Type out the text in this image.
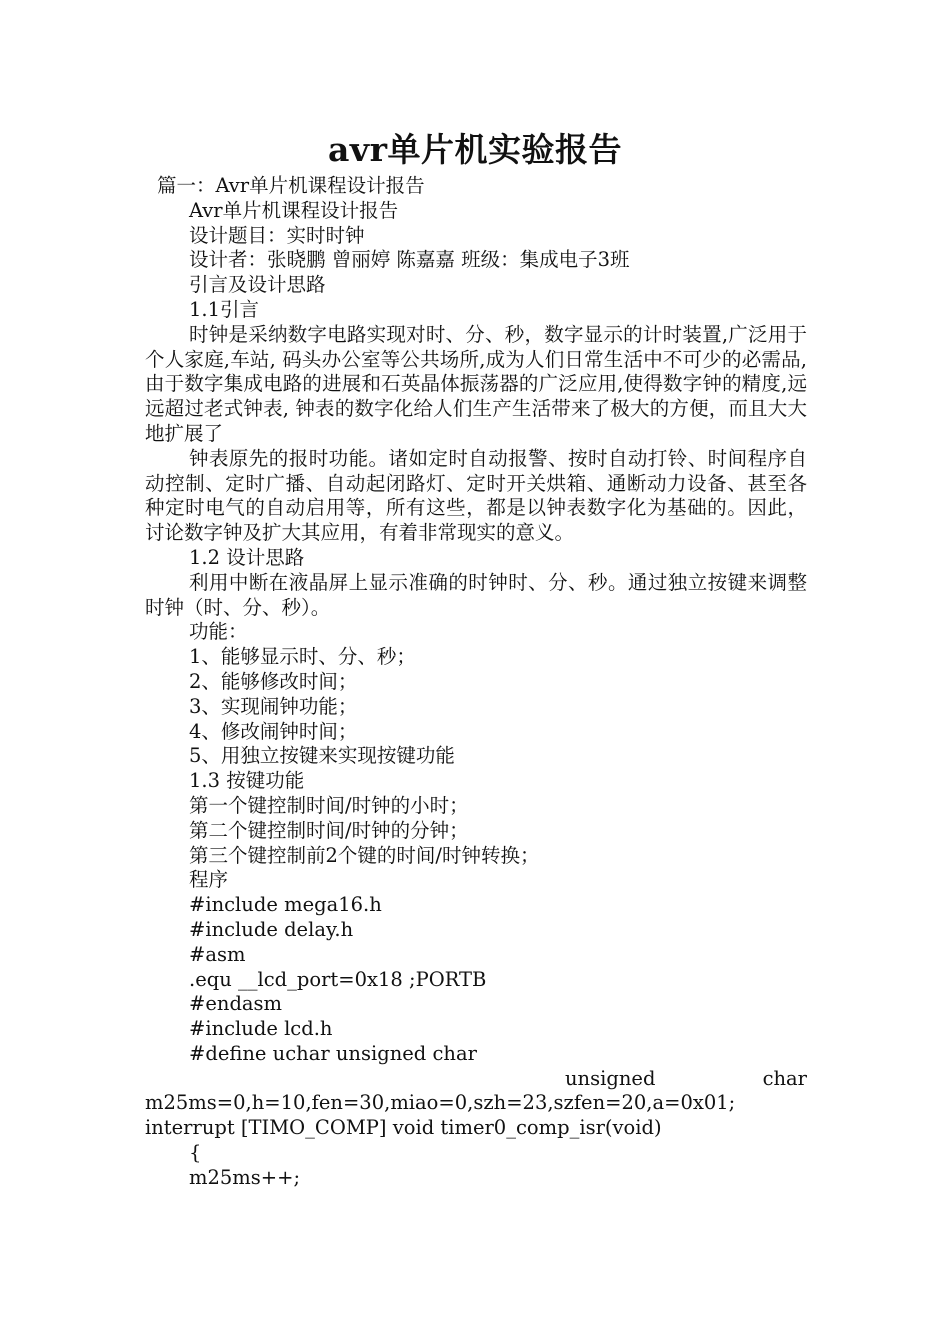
avr单片机实验报告
篇一：Avr单片机课程设计报告
Avr单片机课程设计报告
设计题目：实时时钟
设计者：张晓鹏 曾丽婷 陈嘉嘉 班级：集成电子3班
引言及设计思路
1.1引言

时钟是采纳数字电路实现对时、分、秒，数字显示的计时装置,广泛用于个人家庭,车站, 码头办公室等公共场所,成为人们日常生活中不可少的必需品,由于数字集成电路的进展和石英晶体振荡器的广泛应用,使得数字钟的精度,远远超过老式钟表, 钟表的数字化给人们生产生活带来了极大的方便，而且大大地扩展了

钟表原先的报时功能。诸如定时自动报警、按时自动打铃、时间程序自动控制、定时广播、自动起闭路灯、定时开关烘箱、通断动力设备、甚至各种定时电气的自动启用等，所有这些，都是以钟表数字化为基础的。因此，讨论数字钟及扩大其应用，有着非常现实的意义。

1.2 设计思路

利用中断在液晶屏上显示准确的时钟时、分、秒。通过独立按键来调整时钟（时、分、秒）。

功能：
1、能够显示时、分、秒；
2、能够修改时间；
3、实现闹钟功能；
4、修改闹钟时间；
5、用独立按键来实现按键功能
1.3 按键功能
第一个键控制时间/时钟的小时；
第二个键控制时间/时钟的分钟；
第三个键控制前2个键的时间/时钟转换；
程序
#include mega16.h
#include delay.h
#asm
.equ __lcd_port=0x18 ;PORTB
#endasm
#include lcd.h
#define uchar unsigned char
unsigned	char
m25ms=0,h=10,fen=30,miao=0,szh=23,szfen=20,a=0x01;
interrupt [TIMO_COMP] void timer0_comp_isr(void)
{
m25ms++;
